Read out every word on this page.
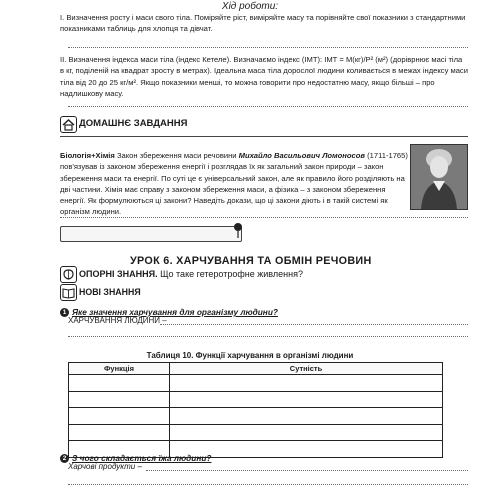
Хід роботи:
I. Визначення росту і маси свого тіла. Поміряйте ріст, виміряйте масу та порівняйте свої показники з стандартними показниками таблиць для хлопця та дівчат.
II. Визначення індекса маси тіла (індекс Кетеле). Визначаємо індекс (ІМТ): ІМТ = М(кг)/Р² (м²) (доріврнює масі тіла в кг, поділеній на квадрат зросту в метрах). Ідеальна маса тіла дорослої людини коливається в межах індексу маси тіла від 20 до 25 кг/м². Якщо показники менші, то можна говорити про недостатню масу, якщо більші – про надлишкову масу.
ДОМАШНЄ ЗАВДАННЯ
Біологія+Хімія Закон збереження маси речовини Михайло Васильович Ломоносов (1711-1765) пов'язував із законом збереження енергії і розглядав їх як загальний закон природи – закон збереження маси та енергії. По суті це є універсальний закон, але як правило його розділяють на дві частини. Хімія має справу з законом збереження маси, а фізика – з законом збереження енергії. Як формулюються ці закони? Наведіть докази, що ці закони діють і в такій системі як організм людини.
УРОК 6. ХАРЧУВАННЯ ТА ОБМІН РЕЧОВИН
ОПОРНІ ЗНАННЯ. Що таке гетеротрофне живлення?
НОВІ ЗНАННЯ
1 Яке значення харчування для організму людини?
ХАРЧУВАННЯ ЛЮДИНИ –
Таблиця 10. Функції харчування в організмі людини
Функція	Сутність

2 З чого складається їжа людини?
Харчові продукти –
